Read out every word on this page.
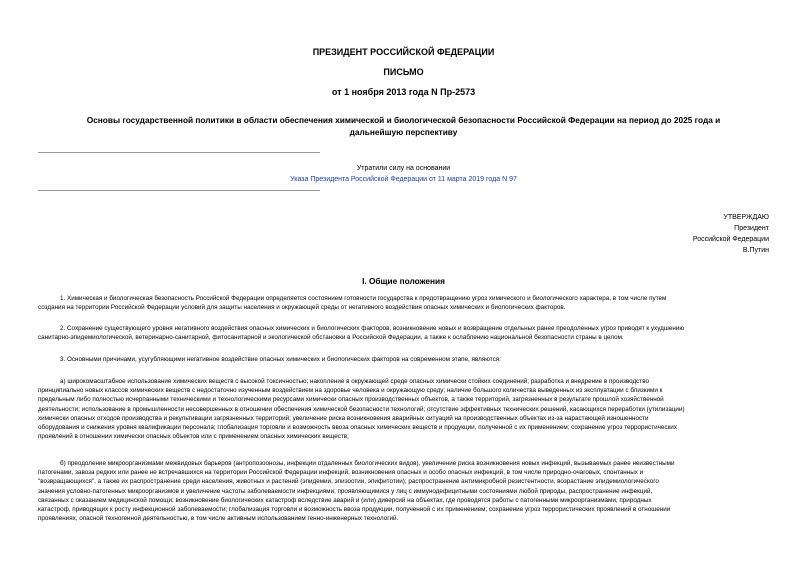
ПРЕЗИДЕНТ РОССИЙСКОЙ ФЕДЕРАЦИИ
ПИСЬМО
от 1 ноября 2013 года N Пр-2573
Основы государственной политики в области обеспечения химической и биологической безопасности Российской Федерации на период до 2025 года и
дальнейшую перспективу
Утратили силу на основании
Указа Президента Российской Федерации от 11 марта 2019 года N 97
УТВЕРЖДАЮ
Президент
Российской Федерации
В.Путин
I. Общие положения
1. Химическая и биологическая безопасность Российской Федерации определяется состоянием готовности государства к предотвращению угроз химического и биологического характера, в том числе путем
создания на территории Российской Федерации условий для защиты населения и окружающей среды от негативного воздействия опасных химических и биологических факторов.
2. Сохранение существующего уровня негативного воздействия опасных химических и биологических факторов, возникновение новых и возвращение отдельных ранее преодоленных угроз приводят к ухудшению
санитарно-эпидемиологической, ветеринарно-санитарной, фитосанитарной и экологической обстановки в Российской Федерации, а также к ослаблению национальной безопасности страны в целом.
3. Основными причинами, усугубляющими негативное воздействие опасных химических и биологических факторов на современном этапе, являются:
а) широкомасштабное использование химических веществ с высокой токсичностью; накопление в окружающей среде опасных химически стойких соединений; разработка и внедрение в производство
принципиально новых классов химических веществ с недостаточно изученным воздействием на здоровье человека и окружающую среду; наличие большого количества выведенных из эксплуатации с близкими к
предельным либо полностью исчерпанными техническими и технологическими ресурсами химически опасных производственных объектов, а также территорий, загрязненных в результате прошлой хозяйственной
деятельности; использование в промышленности несовершенных в отношении обеспечения химической безопасности технологий; отсутствие эффективных технических решений, касающихся переработки (утилизации)
химически опасных отходов производства и рекультивации загрязненных территорий; увеличение риска возникновения аварийных ситуаций на производственных объектах из-за нарастающей изношенности
оборудования и снижения уровня квалификации персонала; глобализация торговли и возможность ввоза опасных химических веществ и продукции, полученной с их применением; сохранение угроз террористических
проявлений в отношении химически опасных объектов или с применением опасных химических веществ;
б) преодоление микроорганизмами межвидовых барьеров (антропозоонозы, инфекции отдаленных биологических видов), увеличение риска возникновения новых инфекций, вызываемых ранее неизвестными
патогенами, завоза редких или ранее не встречавшихся на территории Российской Федерации инфекций, возникновения опасных и особо опасных инфекций, в том числе природно-очаговых, спонтанных и
"возвращающихся", а также их распространение среди населения, животных и растений (эпидемии, эпизоотии, эпифитотии); распространение антимикробной резистентности, возрастание эпидемиологического
значения условно-патогенных микроорганизмов и увеличение частоты заболеваемости инфекциями, проявляющимися у лиц с иммунодефицитными состояниями любой природы, распространение инфекций,
связанных с оказанием медицинской помощи; возникновение биологических катастроф вследствие аварий и (или) диверсий на объектах, где проводятся работы с патогенными микроорганизмами, природных
катастроф, приводящих к росту инфекционной заболеваемости; глобализация торговли и возможность ввоза продукции, полученной с их применением; сохранение угроз террористических проявлений в отношении
проявлениях, опасной техногенной деятельностью, в том числе активным использованием генно-инженерных технологий.
